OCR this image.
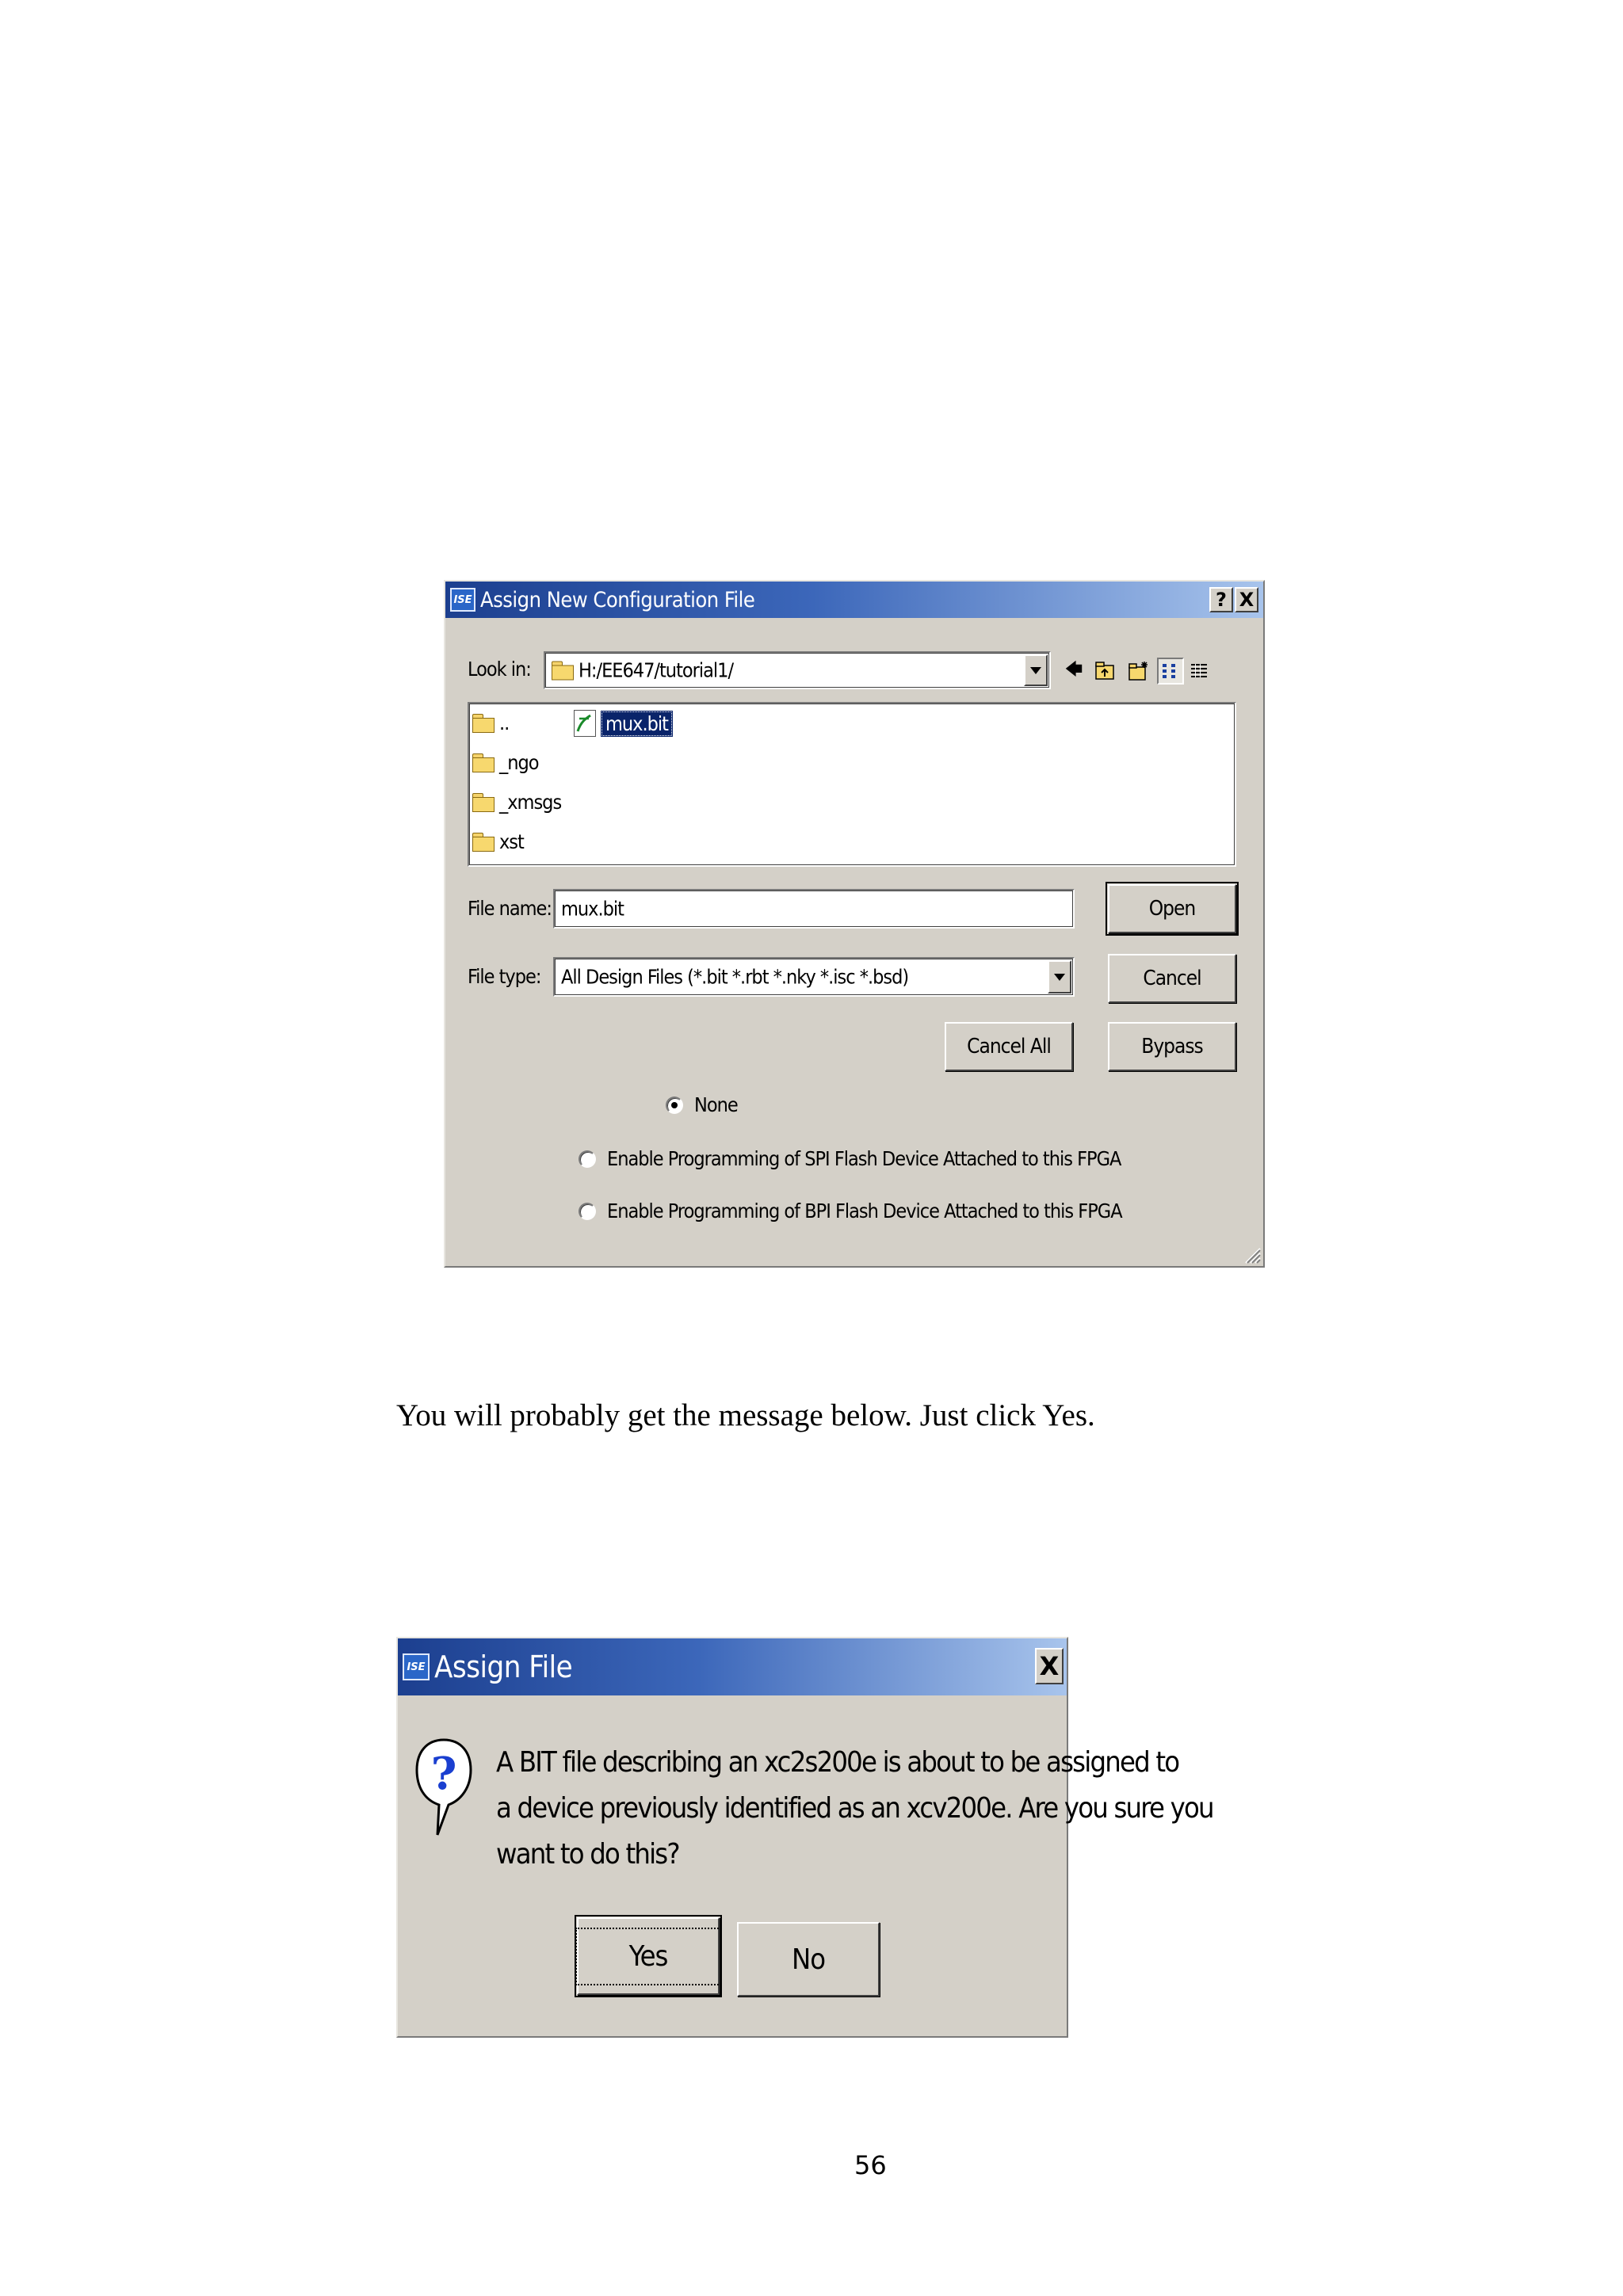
ISE Assign New Configuration File	? X
Look in: H:/EE647/tutorial1/	🡄
..
_ngo
_xmsgs
xst
mux.bit
File name: mux.bit	Open
File type: All Design Files (*.bit *.rbt *.nky *.isc *.bsd)	Cancel
Cancel All	Bypass
None
Enable Programming of SPI Flash Device Attached to this FPGA
Enable Programming of BPI Flash Device Attached to this FPGA
You will probably get the message below. Just click Yes.
ISE Assign File	X
? A BIT file describing an xc2s200e is about to be assigned to
a device previously identified as an xcv200e. Are you sure you
want to do this?
Yes	No
56
